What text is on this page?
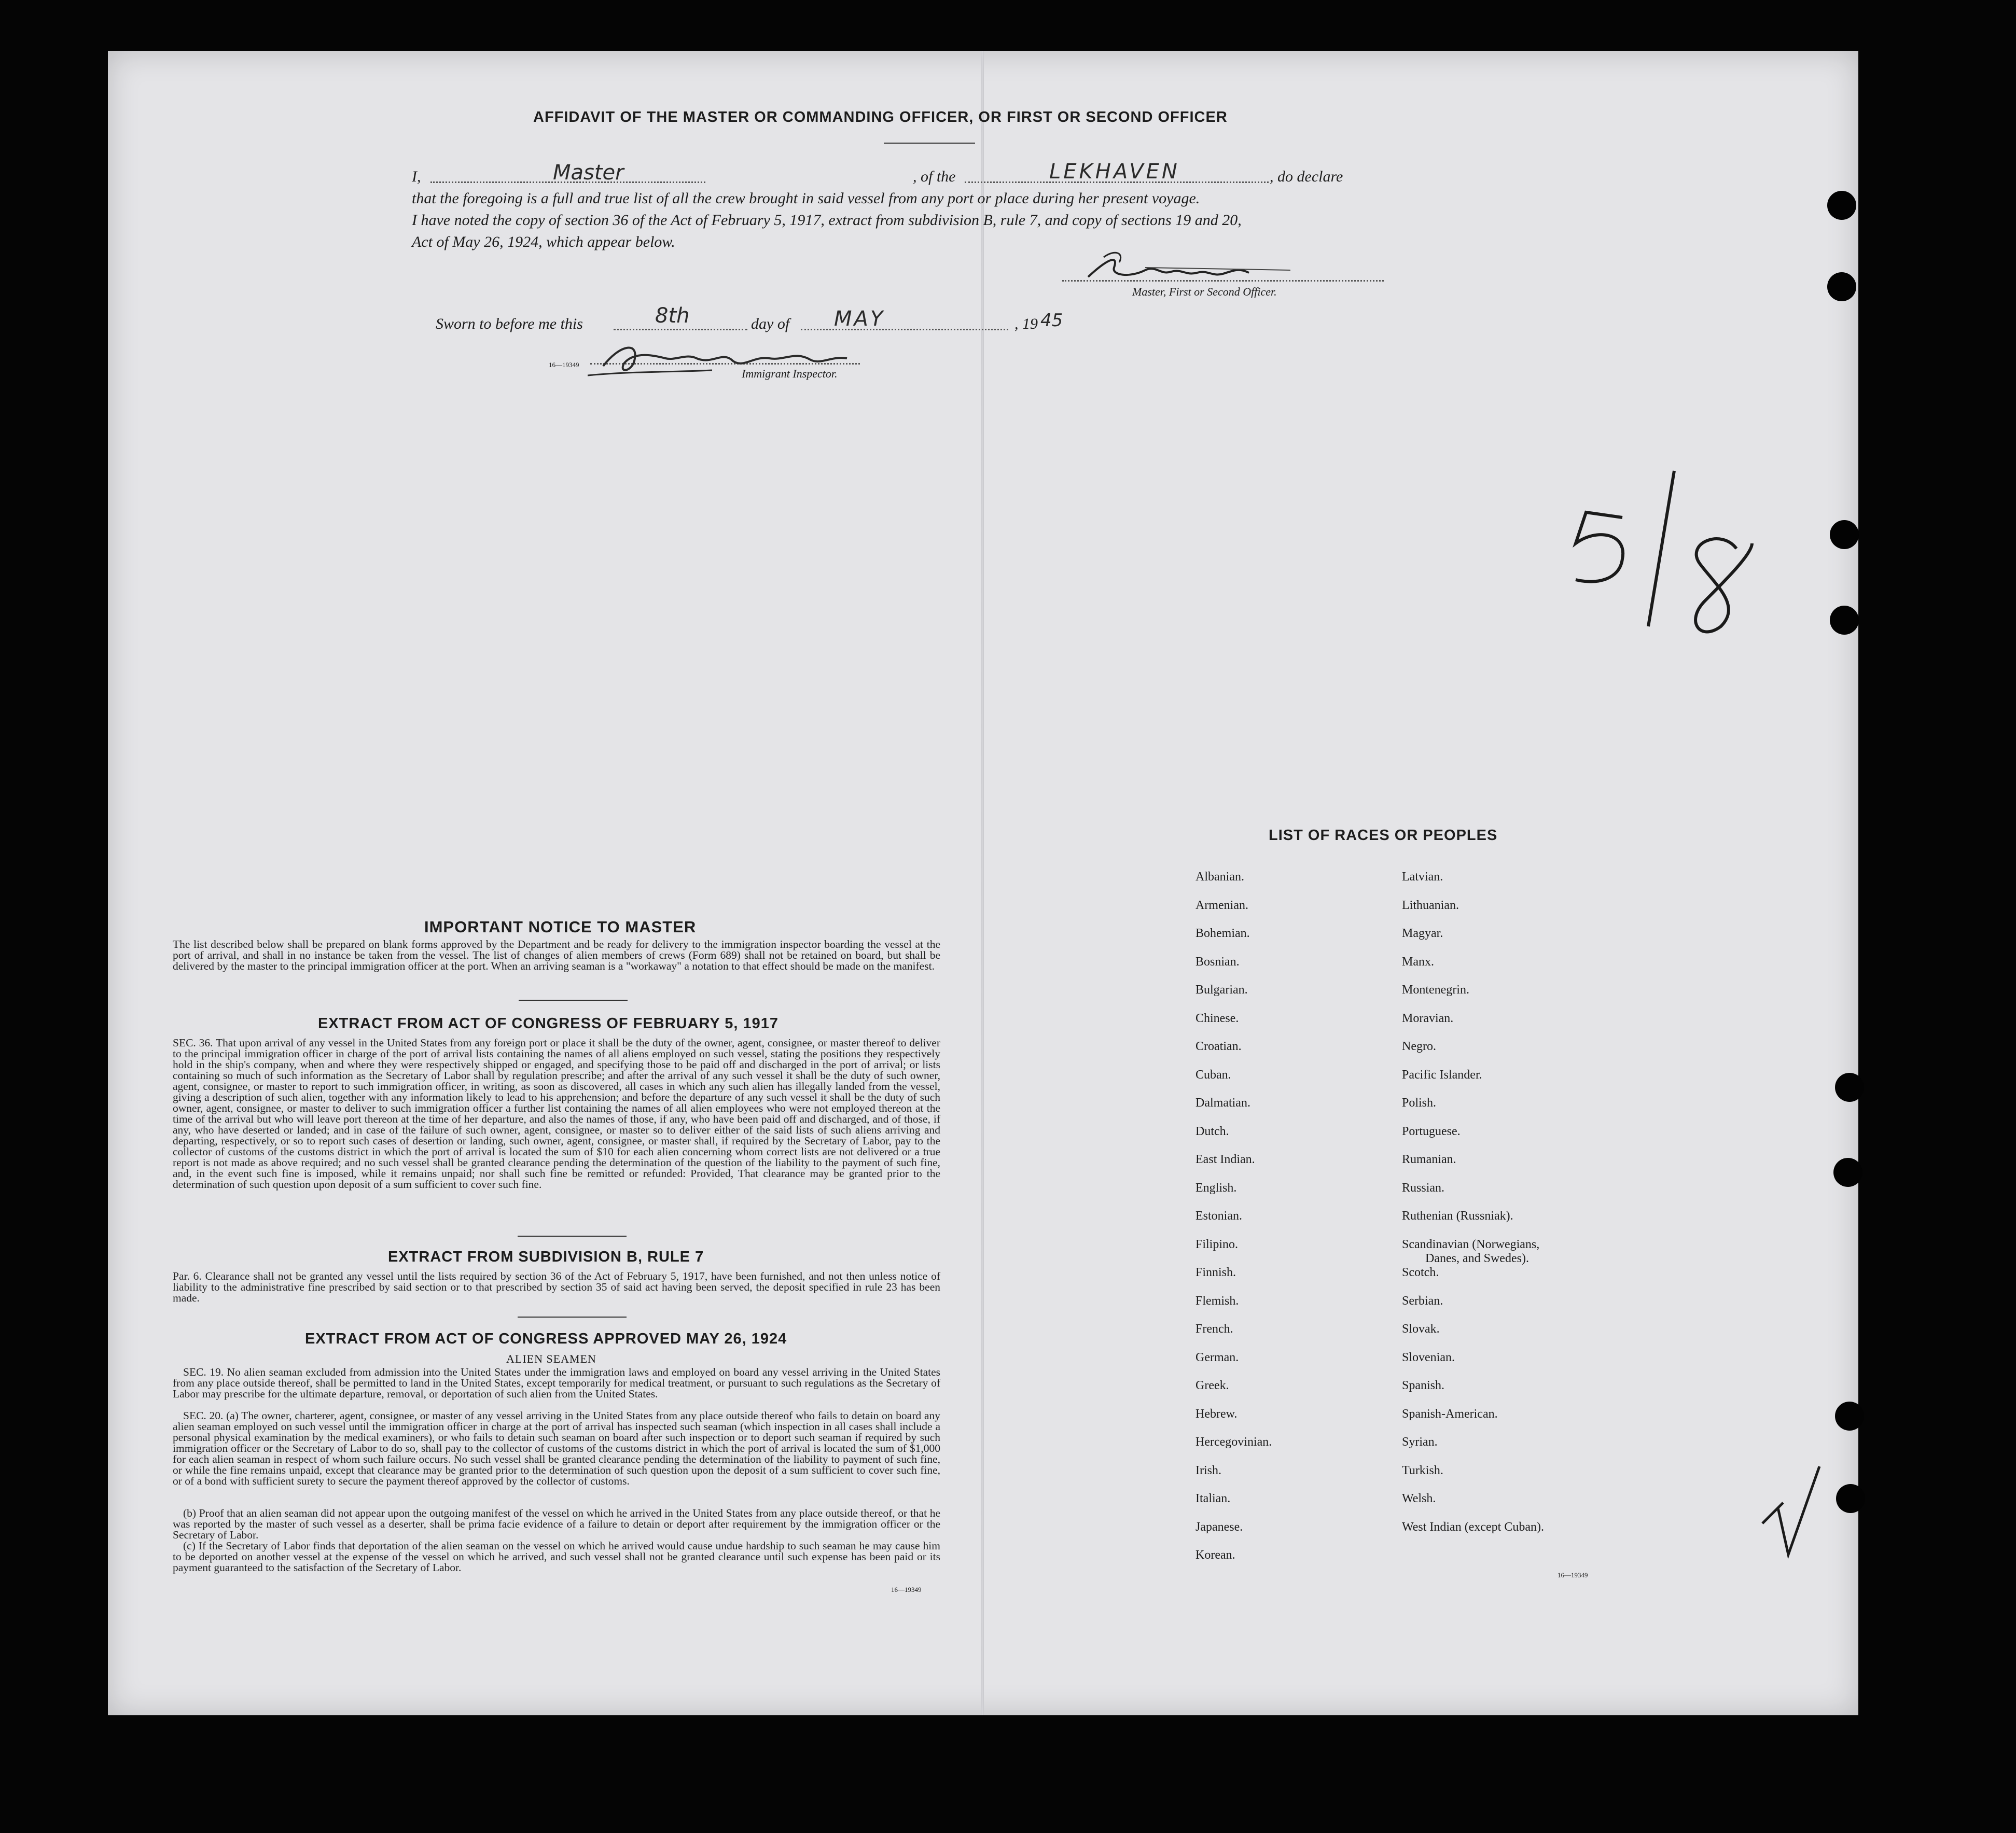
AFFIDAVIT OF THE MASTER OR COMMANDING OFFICER, OR FIRST OR SECOND OFFICER
I,	Master	, of the	LEKHAVEN	, do declare
that the foregoing is a full and true list of all the crew brought in said vessel from any port or place during her present voyage.
I have noted the copy of section 36 of the Act of February 5, 1917, extract from subdivision B, rule 7, and copy of sections 19 and 20,
Act of May 26, 1924, which appear below.
Master, First or Second Officer.
Sworn to before me this	8th	day of MAY	, 19 45
16—19349
Immigrant Inspector.
IMPORTANT NOTICE TO MASTER
The list described below shall be prepared on blank forms approved by the Department and be ready for delivery to the immigration inspector boarding the vessel at the port of arrival, and shall in no instance be taken from the vessel. The list of changes of alien members of crews (Form 689) shall not be retained on board, but shall be delivered by the master to the principal immigration officer at the port. When an arriving seaman is a "workaway" a notation to that effect should be made on the manifest.
EXTRACT FROM ACT OF CONGRESS OF FEBRUARY 5, 1917
SEC. 36. That upon arrival of any vessel in the United States from any foreign port or place it shall be the duty of the owner, agent, consignee, or master thereof to deliver to the principal immigration officer in charge of the port of arrival lists containing the names of all aliens employed on such vessel, stating the positions they respectively hold in the ship's company, when and where they were respectively shipped or engaged, and specifying those to be paid off and discharged in the port of arrival; or lists containing so much of such information as the Secretary of Labor shall by regulation prescribe; and after the arrival of any such vessel it shall be the duty of such owner, agent, consignee, or master to report to such immigration officer, in writing, as soon as discovered, all cases in which any such alien has illegally landed from the vessel, giving a description of such alien, together with any information likely to lead to his apprehension; and before the departure of any such vessel it shall be the duty of such owner, agent, consignee, or master to deliver to such immigration officer a further list containing the names of all alien employees who were not employed thereon at the time of the arrival but who will leave port thereon at the time of her departure, and also the names of those, if any, who have been paid off and discharged, and of those, if any, who have deserted or landed; and in case of the failure of such owner, agent, consignee, or master so to deliver either of the said lists of such aliens arriving and departing, respectively, or so to report such cases of desertion or landing, such owner, agent, consignee, or master shall, if required by the Secretary of Labor, pay to the collector of customs of the customs district in which the port of arrival is located the sum of $10 for each alien concerning whom correct lists are not delivered or a true report is not made as above required; and no such vessel shall be granted clearance pending the determination of the question of the liability to the payment of such fine, and, in the event such fine is imposed, while it remains unpaid; nor shall such fine be remitted or refunded: Provided, That clearance may be granted prior to the determination of such question upon deposit of a sum sufficient to cover such fine.
EXTRACT FROM SUBDIVISION B, RULE 7
Par. 6. Clearance shall not be granted any vessel until the lists required by section 36 of the Act of February 5, 1917, have been furnished, and not then unless notice of liability to the administrative fine prescribed by said section or to that prescribed by section 35 of said act having been served, the deposit specified in rule 23 has been made.
EXTRACT FROM ACT OF CONGRESS APPROVED MAY 26, 1924
ALIEN SEAMEN
SEC. 19. No alien seaman excluded from admission into the United States under the immigration laws and employed on board any vessel arriving in the United States from any place outside thereof, shall be permitted to land in the United States, except temporarily for medical treatment, or pursuant to such regulations as the Secretary of Labor may prescribe for the ultimate departure, removal, or deportation of such alien from the United States.
SEC. 20. (a) The owner, charterer, agent, consignee, or master of any vessel arriving in the United States from any place outside thereof who fails to detain on board any alien seaman employed on such vessel until the immigration officer in charge at the port of arrival has inspected such seaman (which inspection in all cases shall include a personal physical examination by the medical examiners), or who fails to detain such seaman on board after such inspection or to deport such seaman if required by such immigration officer or the Secretary of Labor to do so, shall pay to the collector of customs of the customs district in which the port of arrival is located the sum of $1,000 for each alien seaman in respect of whom such failure occurs. No such vessel shall be granted clearance pending the determination of the liability to payment of such fine, or while the fine remains unpaid, except that clearance may be granted prior to the determination of such question upon the deposit of a sum sufficient to cover such fine, or of a bond with sufficient surety to secure the payment thereof approved by the collector of customs.
(b) Proof that an alien seaman did not appear upon the outgoing manifest of the vessel on which he arrived in the United States from any place outside thereof, or that he was reported by the master of such vessel as a deserter, shall be prima facie evidence of a failure to detain or deport after requirement by the immigration officer or the Secretary of Labor.
(c) If the Secretary of Labor finds that deportation of the alien seaman on the vessel on which he arrived would cause undue hardship to such seaman he may cause him to be deported on another vessel at the expense of the vessel on which he arrived, and such vessel shall not be granted clearance until such expense has been paid or its payment guaranteed to the satisfaction of the Secretary of Labor.
16—19349
LIST OF RACES OR PEOPLES
Albanian.
Armenian.
Bohemian.
Bosnian.
Bulgarian.
Chinese.
Croatian.
Cuban.
Dalmatian.
Dutch.
East Indian.
English.
Estonian.
Filipino.
Finnish.
Flemish.
French.
German.
Greek.
Hebrew.
Hercegovinian.
Irish.
Italian.
Japanese.
Korean.
Latvian.
Lithuanian.
Magyar.
Manx.
Montenegrin.
Moravian.
Negro.
Pacific Islander.
Polish.
Portuguese.
Rumanian.
Russian.
Ruthenian (Russniak).
Scandinavian (Norwegians,
Danes, and Swedes).
Scotch.
Serbian.
Slovak.
Slovenian.
Spanish.
Spanish-American.
Syrian.
Turkish.
Welsh.
West Indian (except Cuban).
16—19349
